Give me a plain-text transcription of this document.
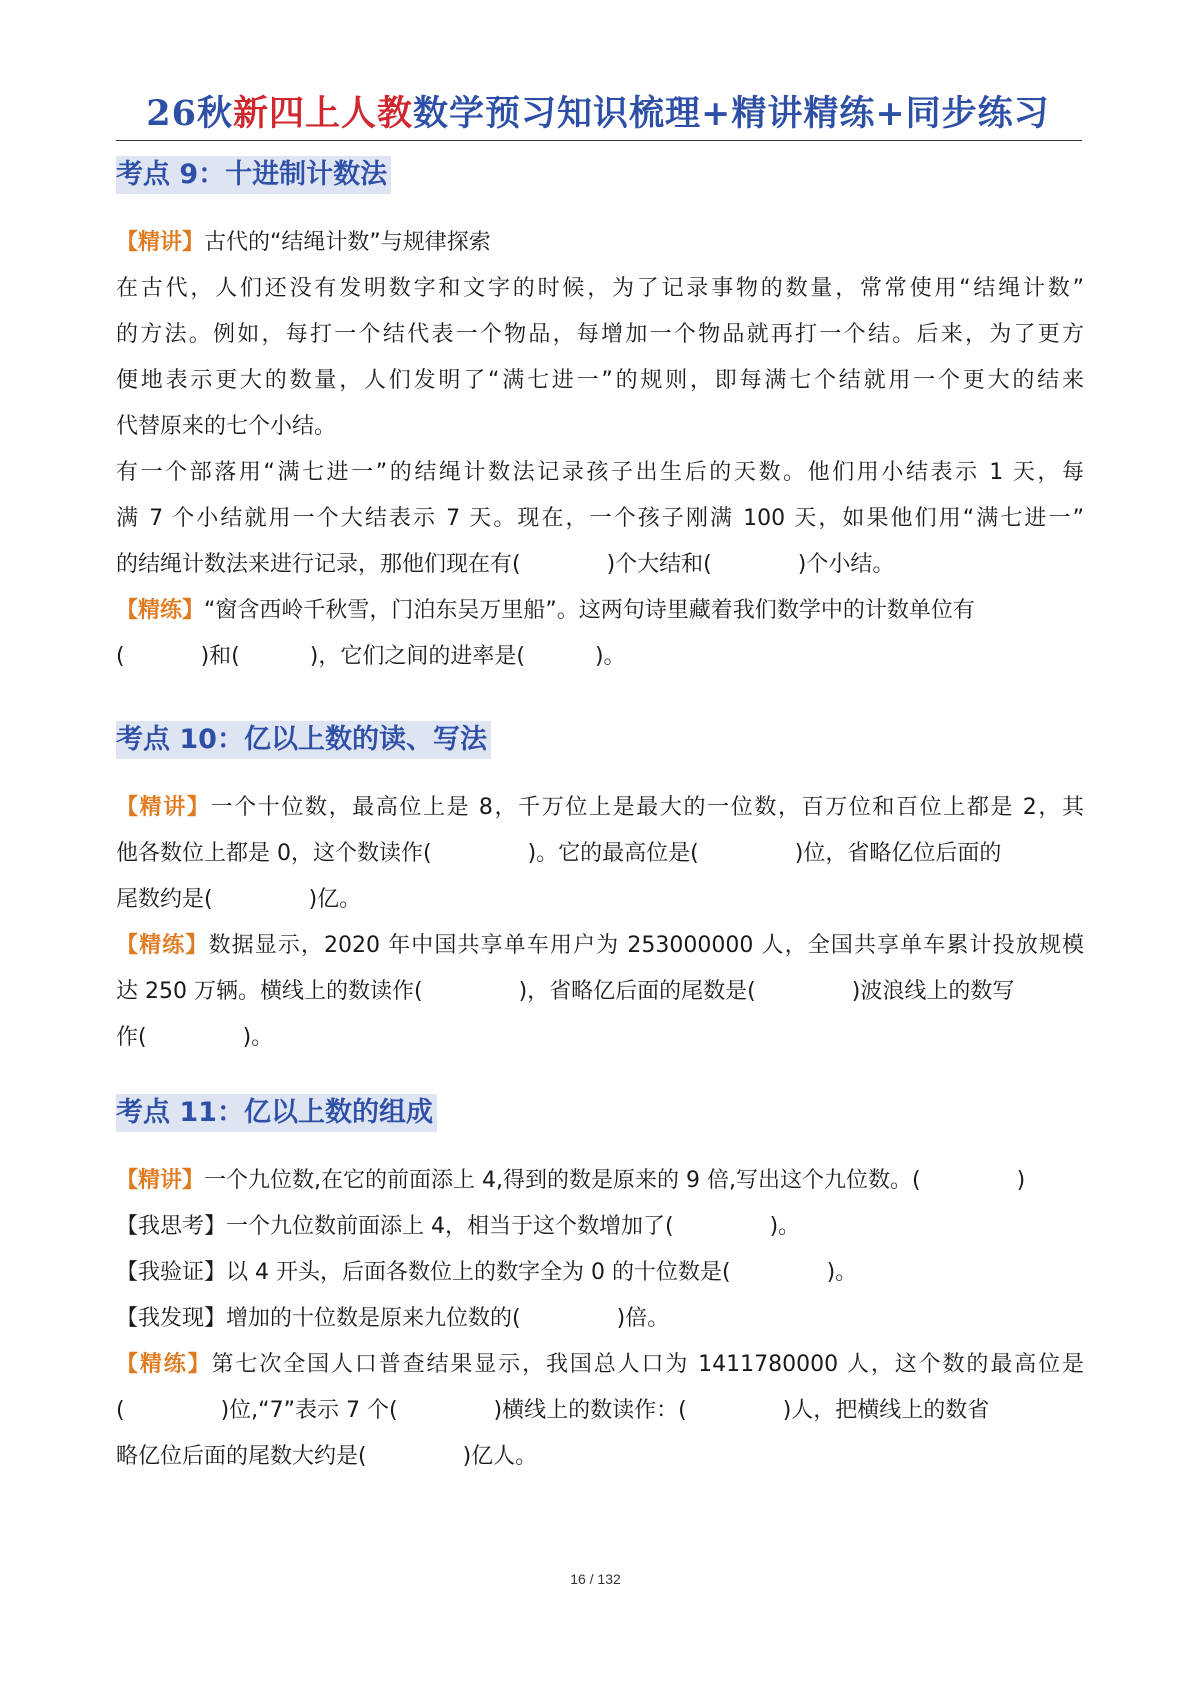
26秋新四上人教数学预习知识梳理+精讲精练+同步练习
考点 9：十进制计数法
【精讲】古代的“结绳计数”与规律探索
在古代，人们还没有发明数字和文字的时候，为了记录事物的数量，常常使用“结绳计数”
的方法。例如，每打一个结代表一个物品，每增加一个物品就再打一个结。后来，为了更方
便地表示更大的数量，人们发明了“满七进一”的规则，即每满七个结就用一个更大的结来
代替原来的七个小结。
有一个部落用“满七进一”的结绳计数法记录孩子出生后的天数。他们用小结表示 1 天，每
满 7 个小结就用一个大结表示 7 天。现在，一个孩子刚满 100 天，如果他们用“满七进一”
的结绳计数法来进行记录，那他们现在有(	)个大结和(	)个小结。
【精练】“窗含西岭千秋雪，门泊东吴万里船”。这两句诗里藏着我们数学中的计数单位有
(	)和(	)，它们之间的进率是(	)。
考点 10：亿以上数的读、写法
【精讲】一个十位数，最高位上是 8，千万位上是最大的一位数，百万位和百位上都是 2，其
他各数位上都是 0，这个数读作(	)。它的最高位是(	)位，省略亿位后面的
尾数约是(	)亿。
【精练】数据显示，2020 年中国共享单车用户为 253000000 人，全国共享单车累计投放规模
达 250 万辆。横线上的数读作(	)，省略亿后面的尾数是(	)波浪线上的数写
作(	)。
考点 11：亿以上数的组成
【精讲】一个九位数,在它的前面添上 4,得到的数是原来的 9 倍,写出这个九位数。(	)
【我思考】一个九位数前面添上 4，相当于这个数增加了(	)。
【我验证】以 4 开头，后面各数位上的数字全为 0 的十位数是(	)。
【我发现】增加的十位数是原来九位数的(	)倍。
【精练】第七次全国人口普查结果显示，我国总人口为 1411780000 人，这个数的最高位是
(	)位,“7”表示 7 个(	)横线上的数读作：(	)人，把横线上的数省
略亿位后面的尾数大约是(	)亿人。
16 / 132
